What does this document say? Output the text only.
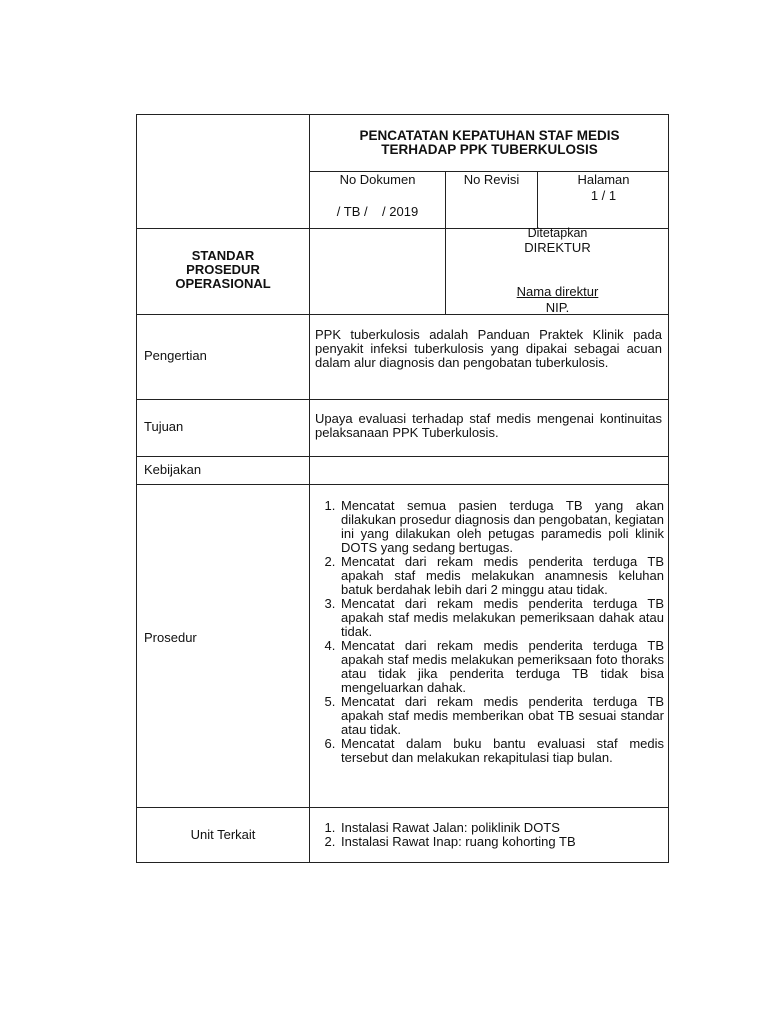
PENCATATAN KEPATUHAN STAF MEDIS
TERHADAP PPK TUBERKULOSIS
No Dokumen
/ TB /    / 2019
No Revisi	Halaman
1 / 1
STANDAR
PROSEDUR
OPERASIONAL
Ditetapkan
DIREKTUR
Nama direktur
NIP.
Pengertian
PPK tuberkulosis adalah Panduan Praktek Klinik pada penyakit infeksi tuberkulosis yang dipakai sebagai acuan dalam alur diagnosis dan pengobatan tuberkulosis.
Tujuan
Upaya evaluasi terhadap staf medis mengenai kontinuitas pelaksanaan PPK Tuberkulosis.
Kebijakan
Prosedur
1. Mencatat semua pasien terduga TB yang akan dilakukan prosedur diagnosis dan pengobatan, kegiatan ini yang dilakukan oleh petugas paramedis poli klinik DOTS yang sedang bertugas.
2. Mencatat dari rekam medis penderita terduga TB apakah staf medis melakukan anamnesis keluhan batuk berdahak lebih dari 2 minggu atau tidak.
3. Mencatat dari rekam medis penderita terduga TB apakah staf medis melakukan pemeriksaan dahak atau tidak.
4. Mencatat dari rekam medis penderita terduga TB apakah staf medis melakukan pemeriksaan foto thoraks atau tidak jika penderita terduga TB tidak bisa mengeluarkan dahak.
5. Mencatat dari rekam medis penderita terduga TB apakah staf medis memberikan obat TB sesuai standar atau tidak.
6. Mencatat dalam buku bantu evaluasi staf medis tersebut dan melakukan rekapitulasi tiap bulan.
Unit Terkait
1.	Instalasi Rawat Jalan: poliklinik DOTS
2. Instalasi Rawat Inap: ruang kohorting TB
